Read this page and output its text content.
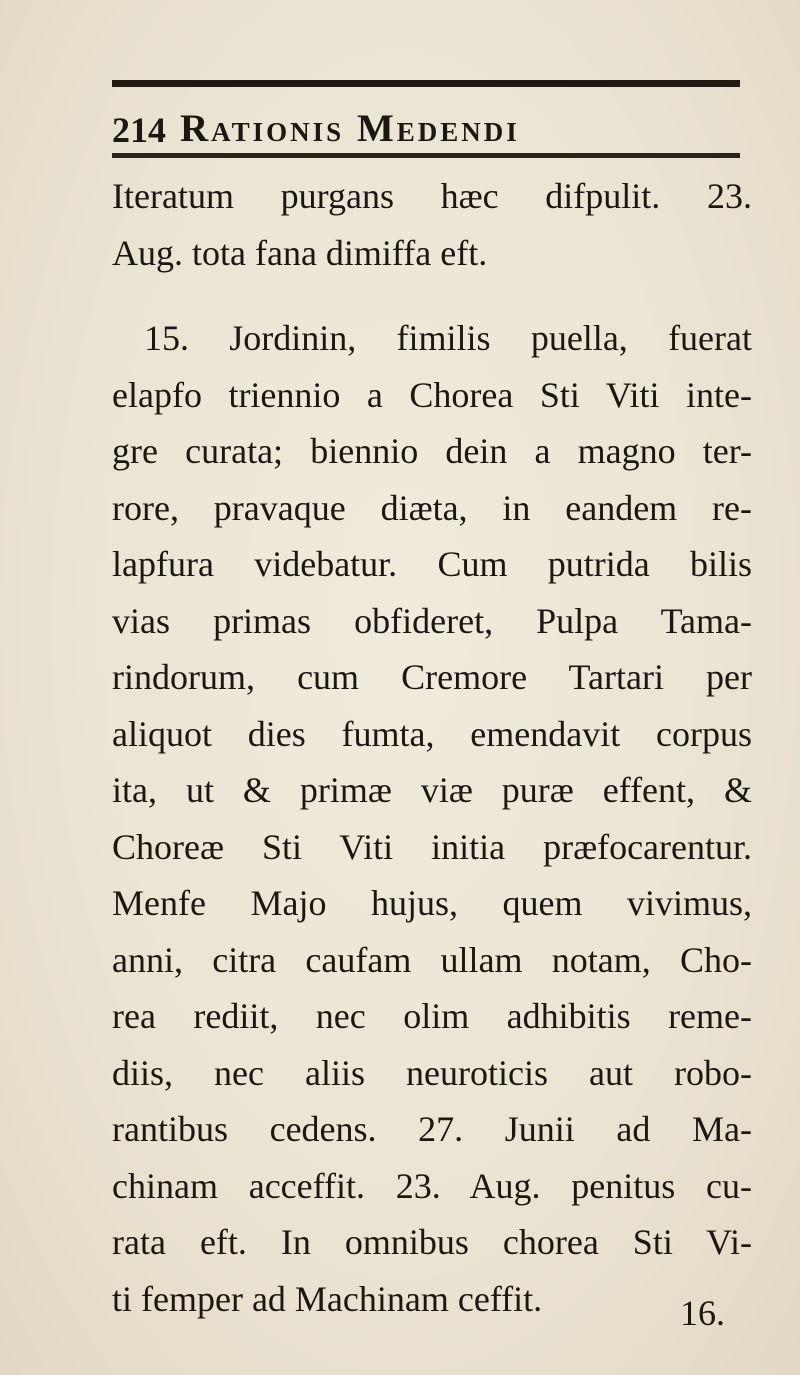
214 Rationis Medendi
Iteratum purgans hæc difpulit. 23.
Aug. tota fana dimiffa eft.
15. Jordinin, fimilis puella, fuerat
elapfo triennio a Chorea Sti Viti inte-
gre curata; biennio dein a magno ter-
rore, pravaque diæta, in eandem re-
lapfura videbatur. Cum putrida bilis
vias primas obfideret, Pulpa Tama-
rindorum, cum Cremore Tartari per
aliquot dies fumta, emendavit corpus
ita, ut & primæ viæ puræ effent, &
Choreæ Sti Viti initia præfocarentur.
Menfe Majo hujus, quem vivimus,
anni, citra caufam ullam notam, Cho-
rea rediit, nec olim adhibitis reme-
diis, nec aliis neuroticis aut robo-
rantibus cedens. 27. Junii ad Ma-
chinam acceffit. 23. Aug. penitus cu-
rata eft. In omnibus chorea Sti Vi-
ti femper ad Machinam ceffit.	16.
